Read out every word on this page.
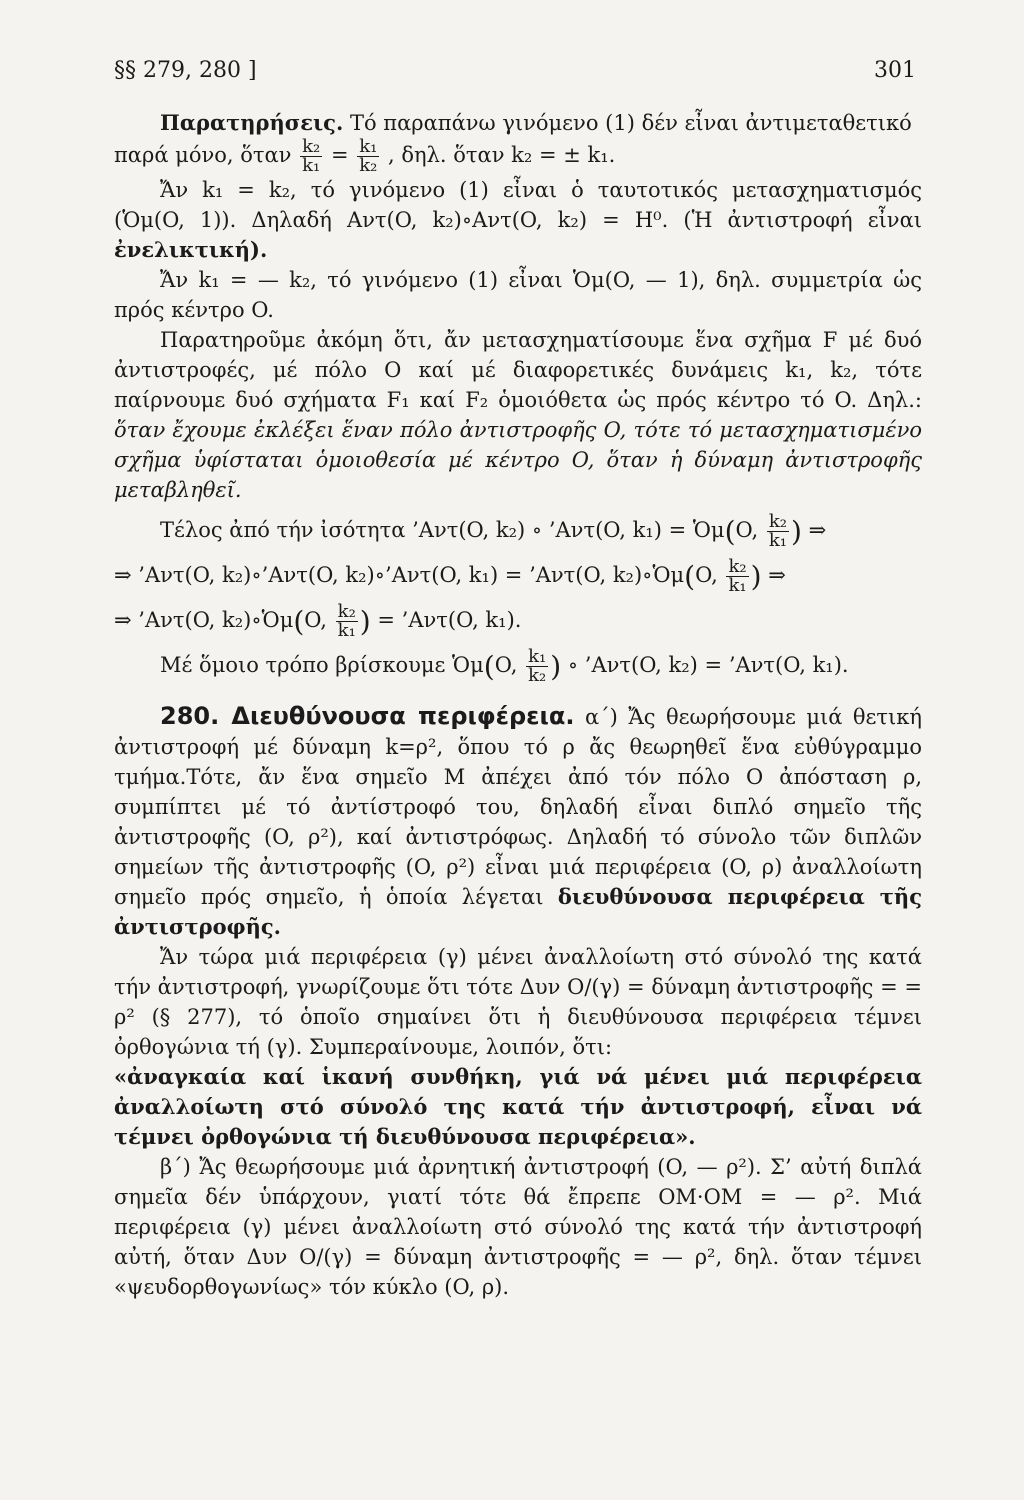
§§ 279, 280 ]	301

Παρατηρήσεις. Τό παραπάνω γινόμενο (1) δέν εἶναι ἀντιμεταθετικό

παρά μόνο, ὅταν $\frac{\text{k₂}}{\text{k₁}} = \frac{\text{k₁}}{\text{k₂}}$ , δηλ. ὅταν k₂ = ± k₁.

Ἄν k₁ = k₂, τό γινόμενο (1) εἶναι ὁ ταυτοτικός μετασχηματισμός (Ὁμ(O, 1)). Δηλαδή Αντ(O, k₂)∘Αντ(O, k₂) = H⁰. (Ἡ ἀντιστροφή εἶναι ἐνελικτική).

Ἄν k₁ = — k₂, τό γινόμενο (1) εἶναι Ὁμ(O, — 1), δηλ. συμμετρία ὡς πρός κέντρο O.

Παρατηροῦμε ἀκόμη ὅτι, ἄν μετασχηματίσουμε ἕνα σχῆμα F μέ δυό ἀντιστροφές, μέ πόλο O καί μέ διαφορετικές δυνάμεις k₁, k₂, τότε παίρνουμε δυό σχήματα F₁ καί F₂ ὁμοιόθετα ὡς πρός κέντρο τό O. Δηλ.: ὅταν ἔχουμε ἐκλέξει ἕναν πόλο ἀντιστροφῆς O, τότε τό μετασχηματισμένο σχῆμα ὑφίσταται ὁμοιοθεσία μέ κέντρο O, ὅταν ἡ δύναμη ἀντιστροφῆς μεταβληθεῖ.

Τέλος ἀπό τήν ἰσότητα ’Αντ(O, k₂) ∘ ’Αντ(O, k₁) = Ὁμ(O, $\frac{\text{k₂}}{\text{k₁}}$ ) ⇒
⇒ ’Αντ(O, k₂)∘’Αντ(O, k₂)∘’Αντ(O, k₁) = ’Αντ(O, k₂)∘Ὁμ(O, $\frac{\text{k₂}}{\text{k₁}}$ ) ⇒
⇒ ’Αντ(O, k₂)∘Ὁμ(O, $\frac{\text{k₂}}{\text{k₁}}$ ) = ’Αντ(O, k₁).
Μέ ὅμοιο τρόπο βρίσκουμε Ὁμ(O, $\frac{\text{k₁}}{\text{k₂}}$ ) ∘ ’Αντ(O, k₂) = ’Αντ(O, k₁).

280. Διευθύνουσα περιφέρεια. α΄) Ἄς θεωρήσουμε μιά θετική ἀντιστροφή μέ δύναμη k=ρ², ὅπου τό ρ ἄς θεωρηθεῖ ἕνα εὐθύγραμμο τμήμα.Τότε, ἄν ἕνα σημεῖο M ἀπέχει ἀπό τόν πόλο O ἀπόσταση ρ, συμπίπτει μέ τό ἀντίστροφό του, δηλαδή εἶναι διπλό σημεῖο τῆς ἀντιστροφῆς (O, ρ²), καί ἀντιστρόφως. Δηλαδή τό σύνολο τῶν διπλῶν σημείων τῆς ἀντιστροφῆς (O, ρ²) εἶναι μιά περιφέρεια (O, ρ) ἀναλλοίωτη σημεῖο πρός σημεῖο, ἡ ὁποία λέγεται διευθύνουσα περιφέρεια τῆς ἀντιστροφῆς.

Ἄν τώρα μιά περιφέρεια (γ) μένει ἀναλλοίωτη στό σύνολό της κατά τήν ἀντιστροφή, γνωρίζουμε ὅτι τότε Δυν O/(γ) = δύναμη ἀντιστροφῆς = = ρ² (§ 277), τό ὁποῖο σημαίνει ὅτι ἡ διευθύνουσα περιφέρεια τέμνει ὀρθογώνια τή (γ). Συμπεραίνουμε, λοιπόν, ὅτι:

«ἀναγκαία καί ἱκανή συνθήκη, γιά νά μένει μιά περιφέρεια ἀναλλοίωτη στό σύνολό της κατά τήν ἀντιστροφή, εἶναι νά τέμνει ὀρθογώνια τή διευθύνουσα περιφέρεια».

β΄) Ἄς θεωρήσουμε μιά ἀρνητική ἀντιστροφή (O, — ρ²). Σ’ αὐτή διπλά σημεῖα δέν ὑπάρχουν, γιατί τότε θά ἔπρεπε OM·OM = — ρ². Μιά περιφέρεια (γ) μένει ἀναλλοίωτη στό σύνολό της κατά τήν ἀντιστροφή αὐτή, ὅταν Δυν O/(γ) = δύναμη ἀντιστροφῆς = — ρ², δηλ. ὅταν τέμνει «ψευδορθογωνίως» τόν κύκλο (O, ρ).
